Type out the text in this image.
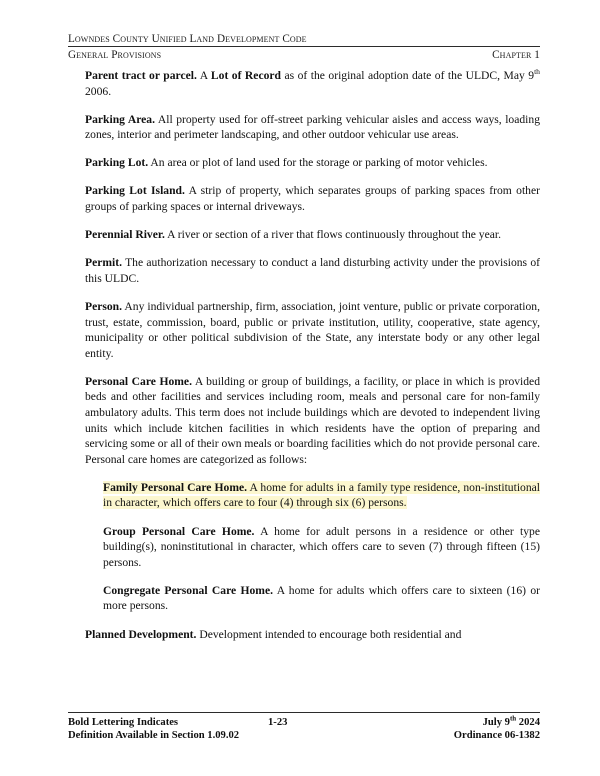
Lowndes County Unified Land Development Code
General Provisions	Chapter 1

Parent tract or parcel. A Lot of Record as of the original adoption date of the ULDC, May 9th 2006.

Parking Area. All property used for off-street parking vehicular aisles and access ways, loading zones, interior and perimeter landscaping, and other outdoor vehicular use areas.

Parking Lot. An area or plot of land used for the storage or parking of motor vehicles.

Parking Lot Island. A strip of property, which separates groups of parking spaces from other groups of parking spaces or internal driveways.

Perennial River. A river or section of a river that flows continuously throughout the year.

Permit. The authorization necessary to conduct a land disturbing activity under the provisions of this ULDC.

Person. Any individual partnership, firm, association, joint venture, public or private corporation, trust, estate, commission, board, public or private institution, utility, cooperative, state agency, municipality or other political subdivision of the State, any interstate body or any other legal entity.

Personal Care Home. A building or group of buildings, a facility, or place in which is provided beds and other facilities and services including room, meals and personal care for non-family ambulatory adults. This term does not include buildings which are devoted to independent living units which include kitchen facilities in which residents have the option of preparing and servicing some or all of their own meals or boarding facilities which do not provide personal care. Personal care homes are categorized as follows:

Family Personal Care Home. A home for adults in a family type residence, non-institutional in character, which offers care to four (4) through six (6) persons.

Group Personal Care Home. A home for adult persons in a residence or other type building(s), noninstitutional in character, which offers care to seven (7) through fifteen (15) persons.

Congregate Personal Care Home. A home for adults which offers care to sixteen (16) or more persons.

Planned Development. Development intended to encourage both residential and

Bold Lettering Indicates	1-23	July 9th 2024
Definition Available in Section 1.09.02	Ordinance 06-1382
